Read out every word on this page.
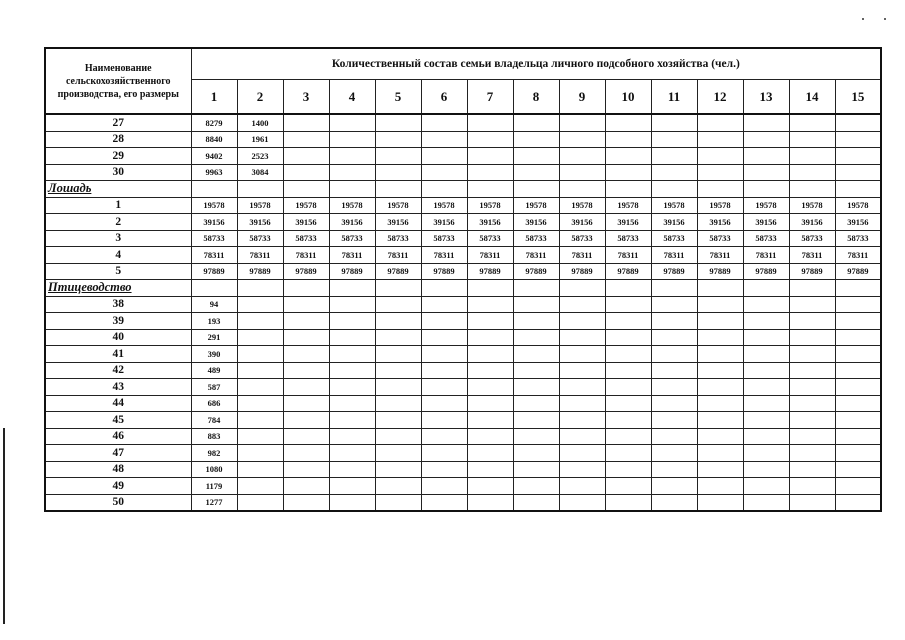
Наименование сельскохозяйственного производства, его размеры	Количественный состав семьи владельца личного подсобного хозяйства (чел.)														
	1	2	3	4	5	6	7	8	9	10	11	12	13	14	15
27	8279	1400													
28	8840	1961													
29	9402	2523													
30	9963	3084													
Лошадь															
1	19578	19578	19578	19578	19578	19578	19578	19578	19578	19578	19578	19578	19578	19578	19578
2	39156	39156	39156	39156	39156	39156	39156	39156	39156	39156	39156	39156	39156	39156	39156
3	58733	58733	58733	58733	58733	58733	58733	58733	58733	58733	58733	58733	58733	58733	58733
4	78311	78311	78311	78311	78311	78311	78311	78311	78311	78311	78311	78311	78311	78311	78311
5	97889	97889	97889	97889	97889	97889	97889	97889	97889	97889	97889	97889	97889	97889	97889
Птицеводство															
38	94														
39	193														
40	291														
41	390														
42	489														
43	587														
44	686														
45	784														
46	883														
47	982														
48	1080														
49	1179														
50	1277														
